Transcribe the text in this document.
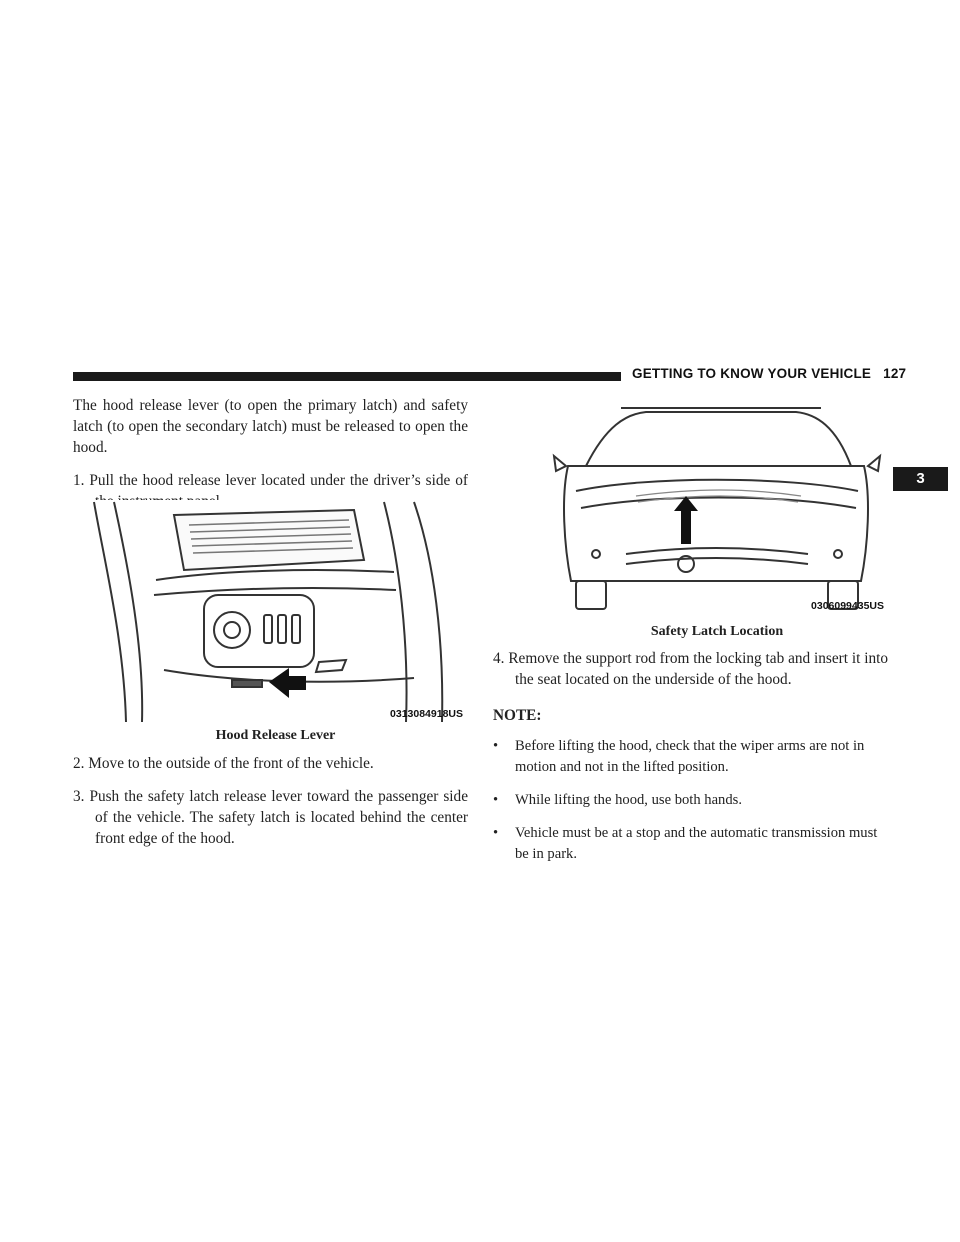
GETTING TO KNOW YOUR VEHICLE 127
3

The hood release lever (to open the primary latch) and safety latch (to open the secondary latch) must be released to open the hood.

1. Pull the hood release lever located under the driver’s side of

0313084918US
Hood Release Lever

2. Move to the outside of the front of the vehicle.

3. Push the safety latch release lever toward the passenger side of the vehicle. The safety latch is located behind the center front edge of the hood.

0306099435US
Safety Latch Location

4. Remove the support rod from the locking tab and insert it into the seat located on the underside of the hood.

NOTE:

• Before lifting the hood, check that the wiper arms are not in motion and not in the lifted position.

• While lifting the hood, use both hands.

• Vehicle must be at a stop and the automatic transmission must be in park.
